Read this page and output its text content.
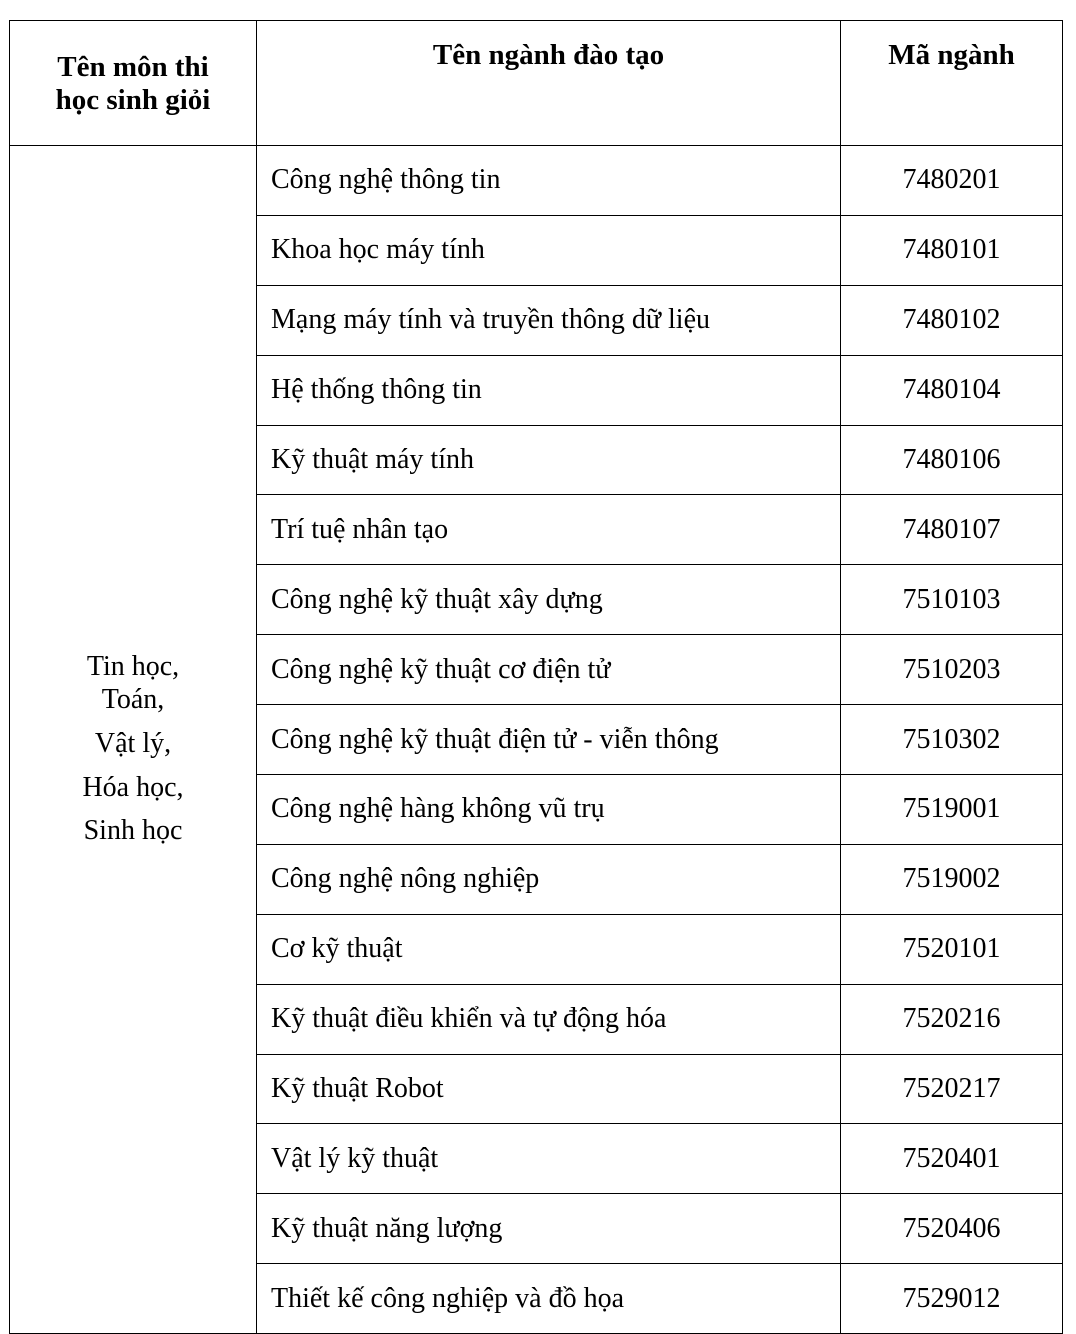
Tên môn thi
học sinh giỏi	Tên ngành đào tạo	Mã ngành

Tin học,
Toán,
Vật lý,
Hóa học,
Sinh học	Công nghệ thông tin	7480201
	Khoa học máy tính	7480101
	Mạng máy tính và truyền thông dữ liệu	7480102
	Hệ thống thông tin	7480104
	Kỹ thuật máy tính	7480106
	Trí tuệ nhân tạo	7480107
	Công nghệ kỹ thuật xây dựng	7510103
	Công nghệ kỹ thuật cơ điện tử	7510203
	Công nghệ kỹ thuật điện tử - viễn thông	7510302
	Công nghệ hàng không vũ trụ	7519001
	Công nghệ nông nghiệp	7519002
	Cơ kỹ thuật	7520101
	Kỹ thuật điều khiển và tự động hóa	7520216
	Kỹ thuật Robot	7520217
	Vật lý kỹ thuật	7520401
	Kỹ thuật năng lượng	7520406
	Thiết kế công nghiệp và đồ họa	7529012
